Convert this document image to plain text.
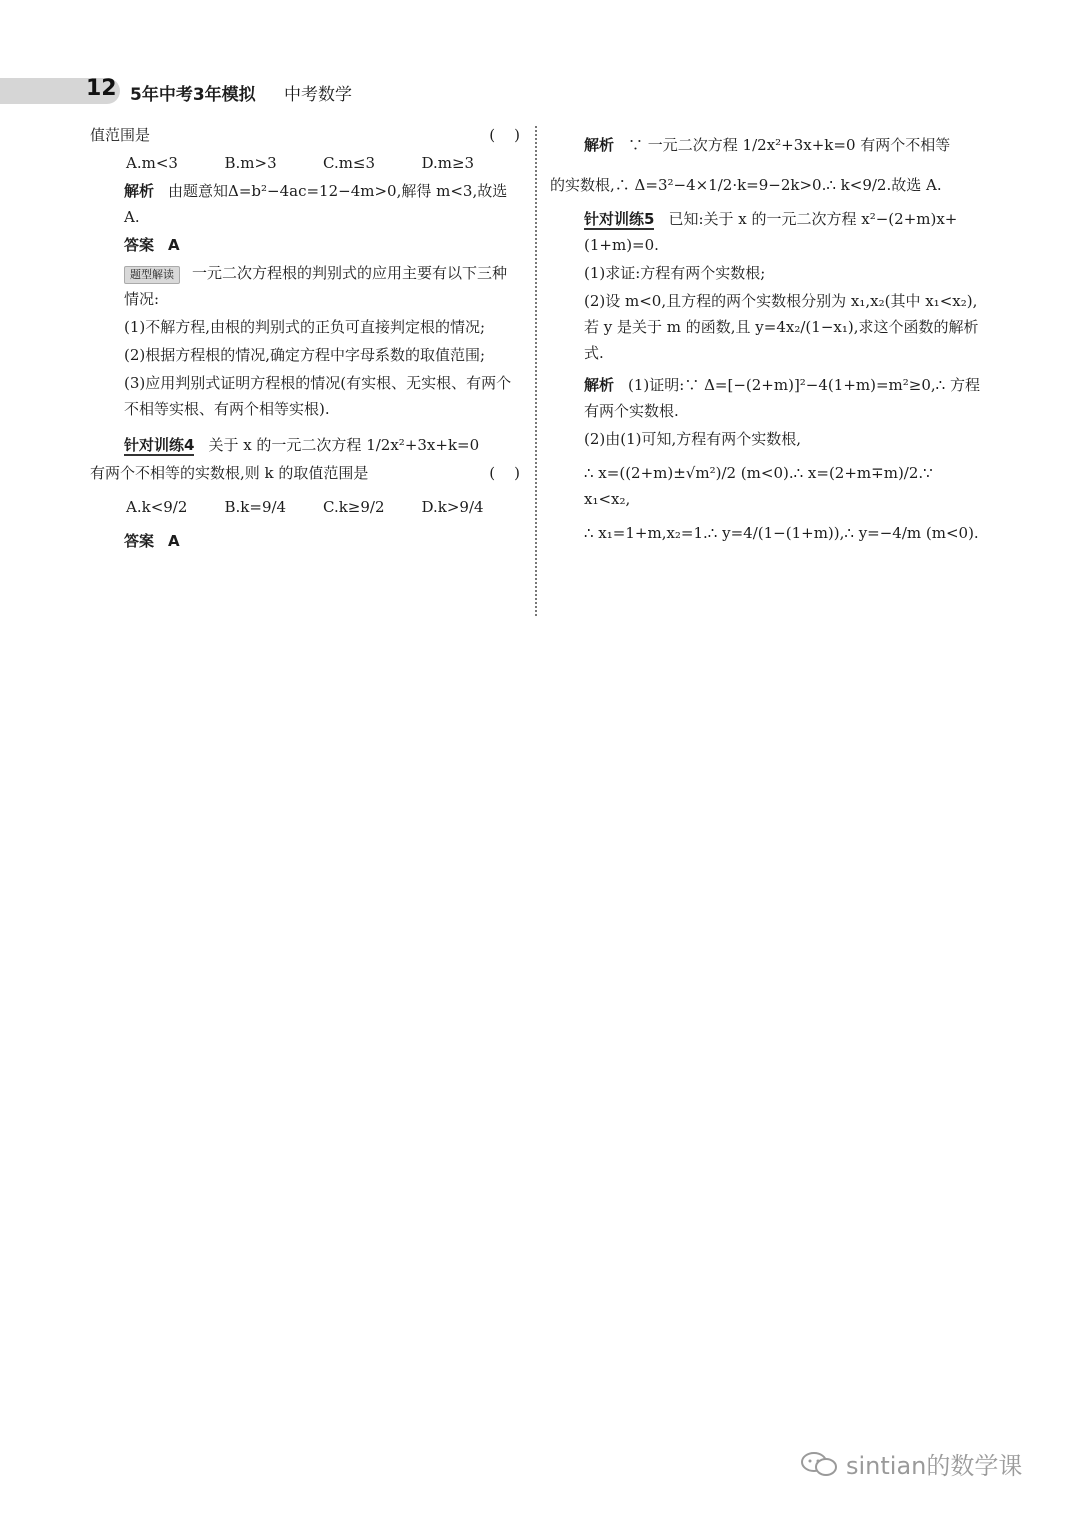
12 5年中考3年模拟 中考数学
值范围是	(    )
A.m<3	B.m>3	C.m≤3	D.m≥3
解析 由题意知Δ=b²−4ac=12−4m>0,解得 m<3,故选 A.
答案 A
题型解读 一元二次方程根的判别式的应用主要有以下三种情况:
(1)不解方程,由根的判别式的正负可直接判定根的情况;
(2)根据方程根的情况,确定方程中字母系数的取值范围;
(3)应用判别式证明方程根的情况(有实根、无实根、有两个不相等实根、有两个相等实根).
针对训练4 关于 x 的一元二次方程 1/2x²+3x+k=0
有两个不相等的实数根,则 k 的取值范围是	(    )
A.k<9/2	B.k=9/4	C.k≥9/2	D.k>9/4
答案 A
解析 ∵ 一元二次方程 1/2x²+3x+k=0 有两个不相等
的实数根,∴ Δ=3²−4×1/2·k=9−2k>0.∴ k<9/2.故选 A.
针对训练5 已知:关于 x 的一元二次方程 x²−(2+m)x+(1+m)=0.
(1)求证:方程有两个实数根;
(2)设 m<0,且方程的两个实数根分别为 x₁,x₂(其中 x₁<x₂),若 y 是关于 m 的函数,且 y=4x₂/(1−x₁),求这个函数的解析式.
解析 (1)证明:∵ Δ=[−(2+m)]²−4(1+m)=m²≥0,∴ 方程有两个实数根.
(2)由(1)可知,方程有两个实数根,
∴ x=((2+m)±√m²)/2 (m<0).∴ x=(2+m∓m)/2.∵ x₁<x₂,
∴ x₁=1+m,x₂=1.∴ y=4/(1−(1+m)),∴ y=−4/m (m<0).
sintian的数学课
